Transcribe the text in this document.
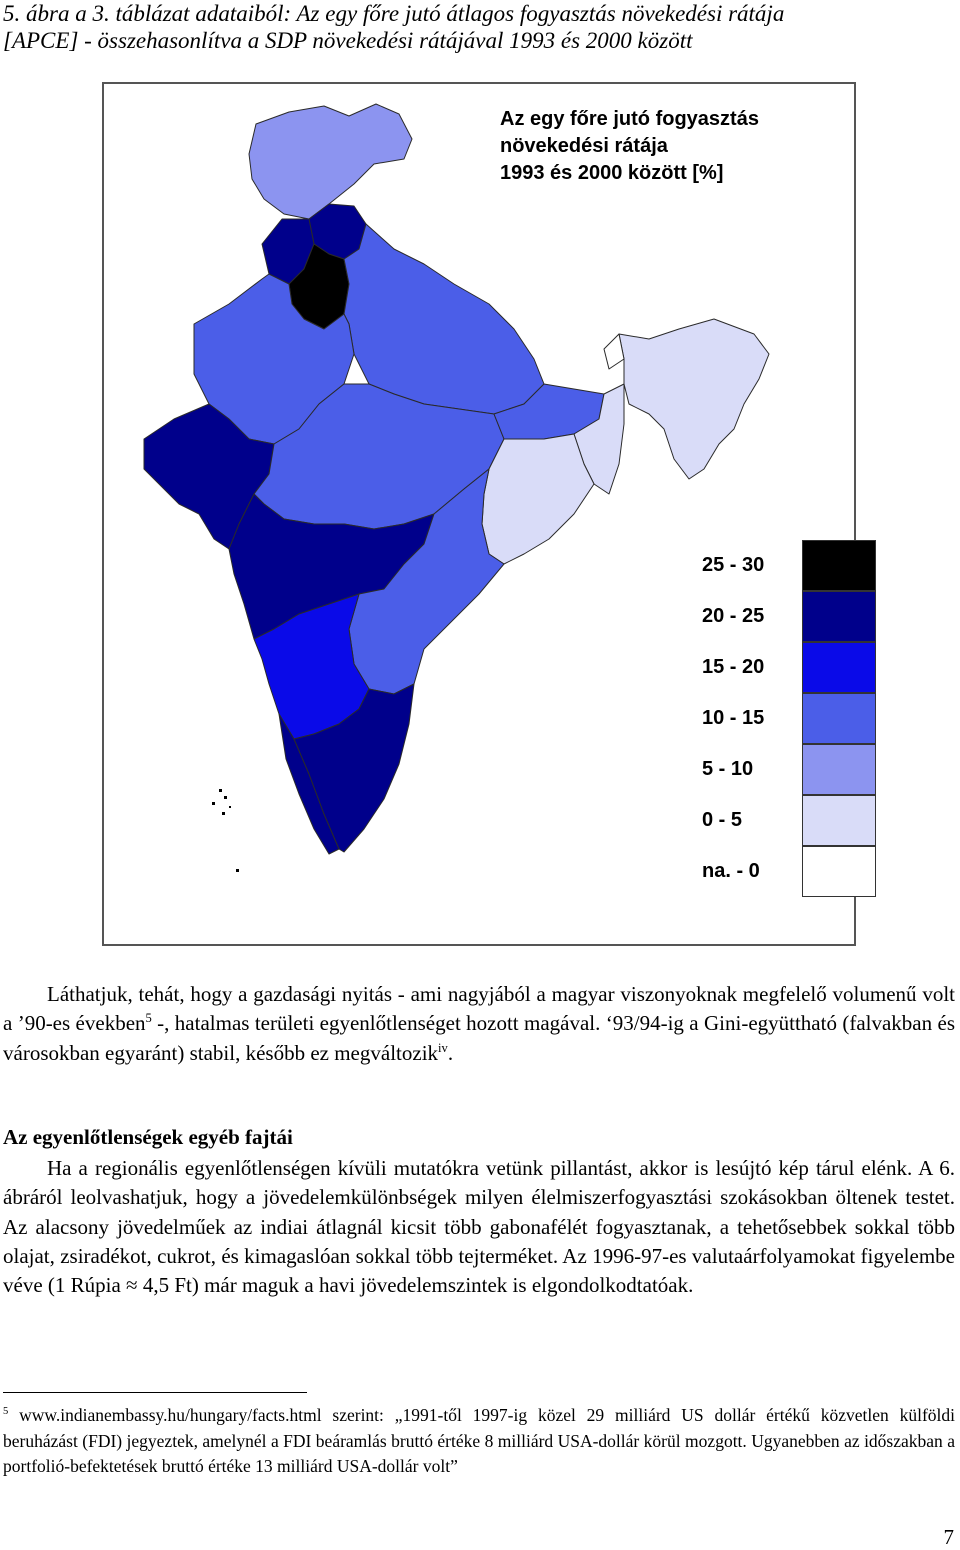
5. ábra a 3. táblázat adataiból: Az egy főre jutó átlagos fogyasztás növekedési rátája
[APCE] - összehasonlítva a SDP növekedési rátájával 1993 és 2000 között
Az egy főre jutó fogyasztás
növekedési rátája
1993 és 2000 között [%]
25 - 30
20 - 25
15 - 20
10 - 15
5 - 10
0 - 5
na. - 0
Láthatjuk, tehát, hogy a gazdasági nyitás - ami nagyjából a magyar viszonyoknak megfelelő volumenű volt a ’90-es években$^5$ -, hatalmas területi egyenlőtlenséget hozott magával. ‘93/94-ig a Gini-együttható (falvakban és városokban egyaránt) stabil, később ez megváltozik$^{iv}$.
Az egyenlőtlenségek egyéb fajtái
Ha a regionális egyenlőtlenségen kívüli mutatókra vetünk pillantást, akkor is lesújtó kép tárul elénk. A 6. ábráról leolvashatjuk, hogy a jövedelemkülönbségek milyen élelmiszerfogyasztási szokásokban öltenek testet. Az alacsony jövedelműek az indiai átlagnál kicsit több gabonafélét fogyasztanak, a tehetősebbek sokkal több olajat, zsiradékot, cukrot, és kimagaslóan sokkal több tejterméket. Az 1996-97-es valutaárfolyamokat figyelembe véve (1 Rúpia ≈ 4,5 Ft) már maguk a havi jövedelemszintek is elgondolkodtatóak.
$^5$ www.indianembassy.hu/hungary/facts.html szerint: „1991-től 1997-ig közel 29 milliárd US dollár értékű közvetlen külföldi beruházást (FDI) jegyeztek, amelynél a FDI beáramlás bruttó értéke 8 milliárd USA-dollár körül mozgott. Ugyanebben az időszakban a portfolió-befektetések bruttó értéke 13 milliárd USA-dollár volt”
7
